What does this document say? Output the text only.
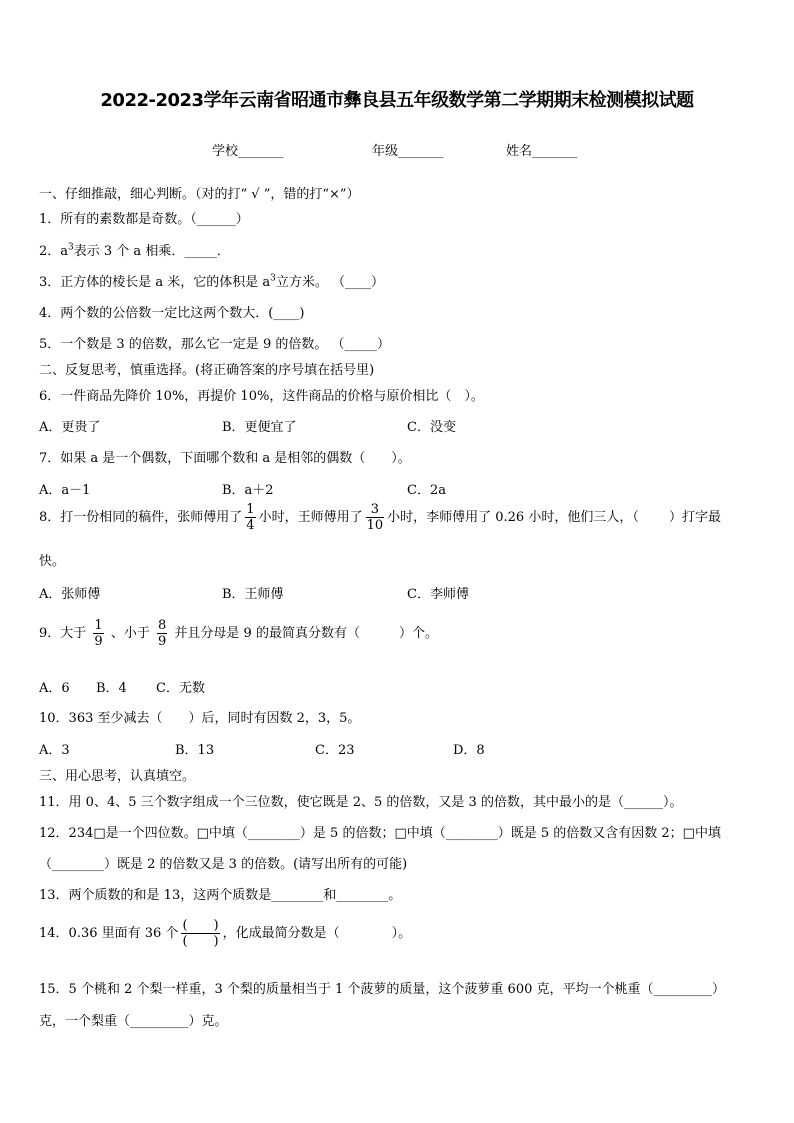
2022-2023学年云南省昭通市彝良县五年级数学第二学期期末检测模拟试题
学校_______	年级_______	姓名_______
一、仔细推敲，细心判断。（对的打“ √ ”，错的打“×”）
1．所有的素数都是奇数。（______）
2．$a^3$表示 3 个 a 相乘．_____．
3．正方体的棱长是 a 米，它的体积是 $a^3$立方米。 （____）
4．两个数的公倍数一定比这两个数大．(____)
5．一个数是 3 的倍数，那么它一定是 9 的倍数。 （_____）
二、反复思考，慎重选择。(将正确答案的序号填在括号里)
6．一件商品先降价 10%，再提价 10%，这件商品的价格与原价相比（　）。
A．更贵了	B．更便宜了	C．没变
7．如果 a 是一个偶数，下面哪个数和 a 是相邻的偶数（　　）。
A．a－1	B．a＋2	C．2a
8．打一份相同的稿件，张师傅用了 $\frac{1}{4}$ 小时，王师傅用了 $\frac{3}{10}$ 小时，李师傅用了 0.26 小时，他们三人，（　　 ）打字最
快。
A．张师傅	B．王师傅	C．李师傅
9．大于 $\frac{1}{9}$ 、小于 $\frac{8}{9}$ 并且分母是 9 的最简真分数有（　　　）个。
A．6 B．4 C．无数
10．363 至少减去（　　）后，同时有因数 2，3，5。
A．3	B．13	C．23	D．8
三、用心思考，认真填空。
11．用 0、4、5 三个数字组成一个三位数，使它既是 2、5 的倍数，又是 3 的倍数，其中最小的是（______）。
12．234□是一个四位数。□中填（________）是 5 的倍数；□中填（________）既是 5 的倍数又含有因数 2；□中填
（________）既是 2 的倍数又是 3 的倍数。(请写出所有的可能)
13．两个质数的和是 13，这两个质数是________和________。
14．0.36 里面有 36 个 $\frac{( )}{( )}$ ，化成最简分数是（　　　　）。
15．5 个桃和 2 个梨一样重，3 个梨的质量相当于 1 个菠萝的质量，这个菠萝重 600 克，平均一个桃重（_________）
克，一个梨重（_________）克。
